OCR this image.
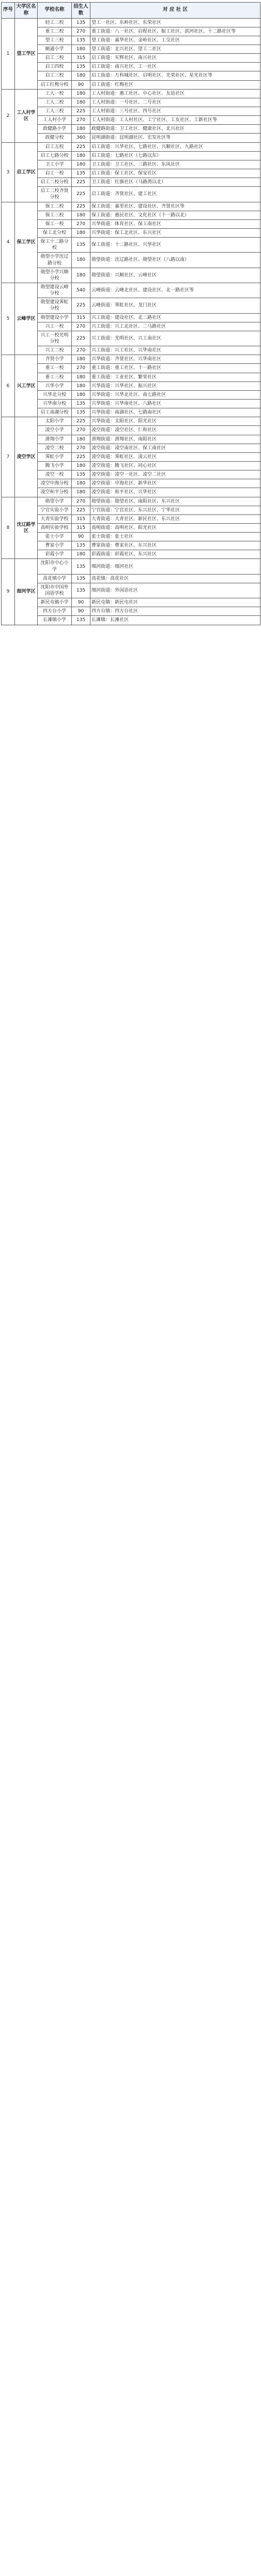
序号	大学区名称	学校名称	招生人数	对 应 社 区
1	望工学区	轻工二校	135	望工一社区、东岭社区、东荣社区
		重工二校	270	重工街道：八一社区、启程社区、振工社区、滨河社区、十二路社区等
		望工三校	135	望工街道：嘉华社区、金岭社区、工交社区
		颐通小学	180	望工街道：北兴社区、望工二社区
		启工二校	315	启工街道：实辉社区、南兴社区
		启工四校	135	启工街道：南兴社区、工一社区
		启工三校	180	启工街道：万科城社区、启明社区、光荣社区、星光社区等
		启工红梅分校	90	启工街道：红梅社区
2	工人村学区	工人一校	180	工人村街道：惠工社区、中心社区、友谊社区
		工人二校	180	工人村街道：一号社区、二号社区
		工人三校	225	工人村街道：三号社区、四号社区
		工人村小学	270	工人村街道：工人村社区、工宁社区、工友社区、工新社区等
		政健路小学	180	政健路街道：卫工社区、健康社区、北兴社区
		政健分校	360	昆明湖街道：昆明湖社区、宏发社区等
3	启工学区	启工五校	225	启工街道：兴华社区、七路社区、兴顺社区、九路社区
		启工七路分校	180	启工街道：七路社区（七路以东）
		卫工小学	180	卫工街道：卫工社区、三路社区、东风社区
		启工一校	135	启工街道：保工社区、保安社区
		启工二校分校	225	卫工街道：红旗社区（马路湾以北）
		启工二校齐贤分校	225	启工街道：齐贤社区、建工社区
4	保工学区	保工二校	225	保工街道：嘉里社区、建设社区、齐贤社区等
		保工三校	180	保工街道：惠民社区、文化社区（十一路以北）
		保工一校	270	兴华街道：体育社区、保工南社区
		保工北分校	180	兴华街道：保工北社区、东兴社区
		保工十二路分校	135	保工街道：十二路社区、兴华社区
		勋望小学沈辽路分校	180	勋望街道：沈辽路社区、勋望社区（八路以南）
		勋望小学兴顺分校	180	勋望街道：兴顺社区、云峰社区
5	云峰学区	勋望建设云峰分校	540	云峰街道：云峰北社区、建设社区、北一路社区等
		勋望建设霁虹分校	225	云峰街道：霁虹社区、龙门社区
		勋望建设小学	315	兴工街道：建设社区、北二路社区
		兴工一校	270	兴工街道：兴工北社区、二马路社区
		兴工一校光明分校	225	兴工街道：光明社区、兴工南社区
		兴工二校	270	兴工街道：兴工社区、兴华南社区
6	兴工学区	齐贤小学	180	兴华街道：齐贤社区、兴华南社区
		重工一校	270	重工街道：重工社区、十一路社区
		重工三校	180	重工街道：工业社区、繁荣社区
		兴华小学	180	兴华街道：兴华社区、振兴社区
		兴华北分校	180	兴华街道：兴华北社区、南七路社区
		兴华南分校	135	兴华街道：兴华南社区、八路社区
		启工南湖分校	135	兴华街道：南湖社区、七路南社区
7	凌空学区	太阳小学	225	兴华街道：太阳社区、阳光社区
		凌空小学	270	凌空街道：凌空社区、仁和社区
		滑翔小学	180	滑翔街道：滑翔社区、南阳社区
		凌空二校	270	凌空街道：凌空南社区、保工南社区
		霁虹小学	225	凌空街道：霁虹社区、凌云社区
		腾飞小学	180	凌空街道：腾飞社区、同心社区
		凌空一校	135	凌空街道：凌空一社区、凌空二社区
		凌空中海分校	180	凌空街道：中海社区、新华社区
		凌空和平分校	180	凌空街道：和平社区、兴华社区
8	沈辽路学区	勋望小学	270	勋望街道：勋望社区、南阳社区、东兴社区
		宁官实验小学	225	宁官街道：宁官社区、东兴社区、宁华社区
		大青实验学校	315	大青街道：大青社区、新民社区、东兴社区
		高明实验学校	315	高明街道：高明社区、阳光社区
		张士小学	90	张士街道：张士社区
		曹家小学	135	曹家街道：曹家社区、东兴社区
		彩霞小学	180	彩霞街道：彩霞社区、东兴社区
9	细河学区	沈阳市中心小学	135	细河街道：细河社区
		高花镇小学	135	高花镇：高花社区
		沈阳市中国外国语学校	135	细河街道：外国语社区
		新民屯镇小学	90	新民屯镇：新民屯社区
		四方台小学	90	四方台镇：四方台社区
		长滩镇小学	135	长滩镇：长滩社区
